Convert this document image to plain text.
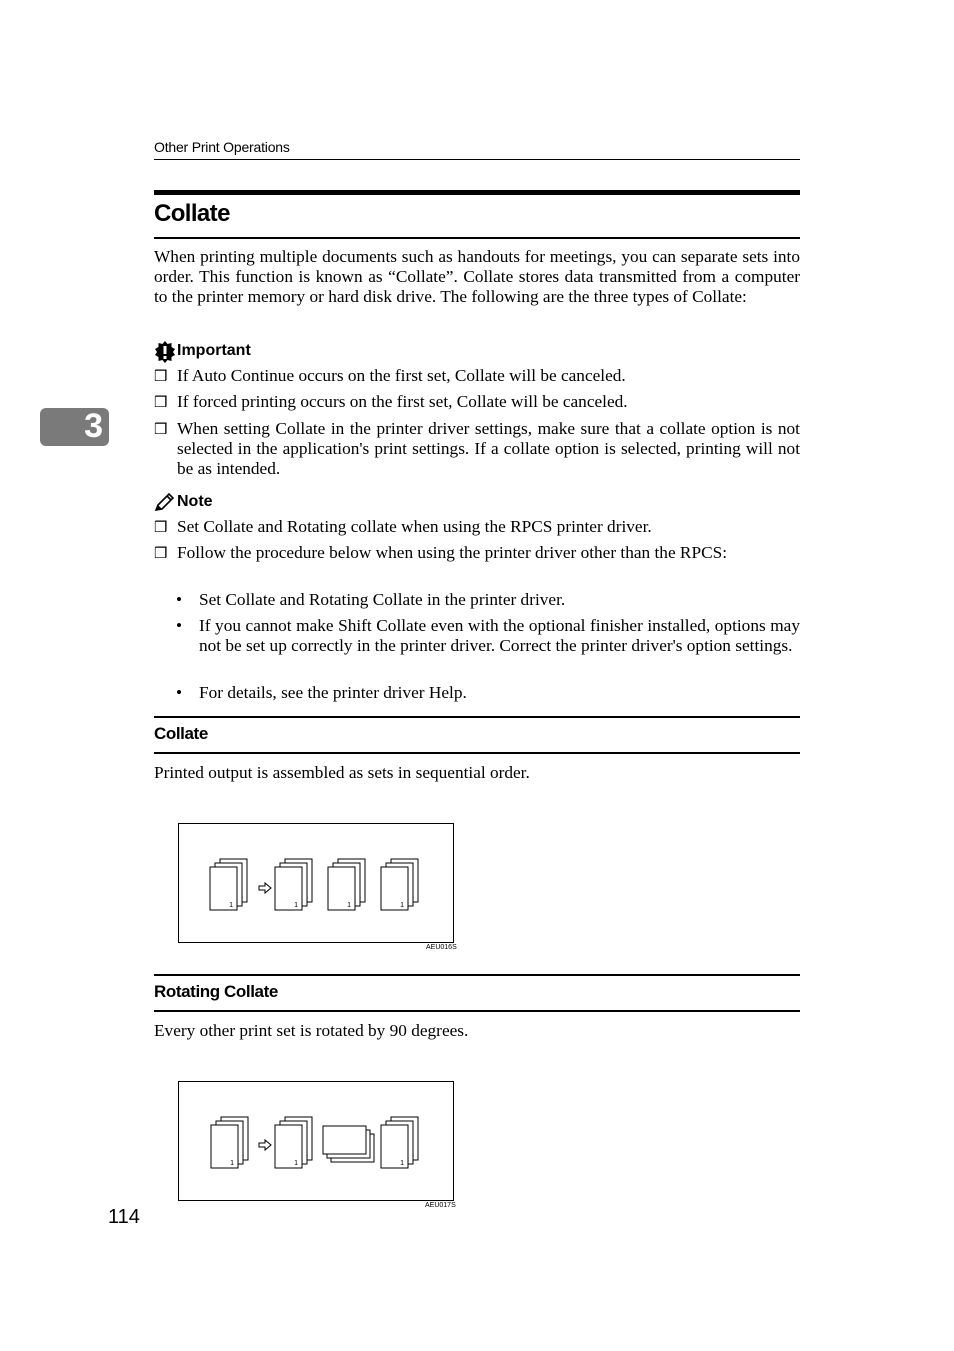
Other Print Operations
Collate
When printing multiple documents such as handouts for meetings, you can separate sets into order. This function is known as “Collate”. Collate stores data transmitted from a computer to the printer memory or hard disk drive. The following are the three types of Collate:
Important
❒ If Auto Continue occurs on the first set, Collate will be canceled.
❒ If forced printing occurs on the first set, Collate will be canceled.
❒ When setting Collate in the printer driver settings, make sure that a collate option is not selected in the application's print settings. If a collate option is selected, printing will not be as intended.
Note
❒ Set Collate and Rotating collate when using the RPCS printer driver.
❒ Follow the procedure below when using the printer driver other than the RPCS:
• Set Collate and Rotating Collate in the printer driver.
• If you cannot make Shift Collate even with the optional finisher installed, options may not be set up correctly in the printer driver. Correct the printer driver's option settings.
• For details, see the printer driver Help.
Collate
Printed output is assembled as sets in sequential order.
1	1	1	1
AEU016S
Rotating Collate
Every other print set is rotated by 90 degrees.
1	1	1
AEU017S
3
114
